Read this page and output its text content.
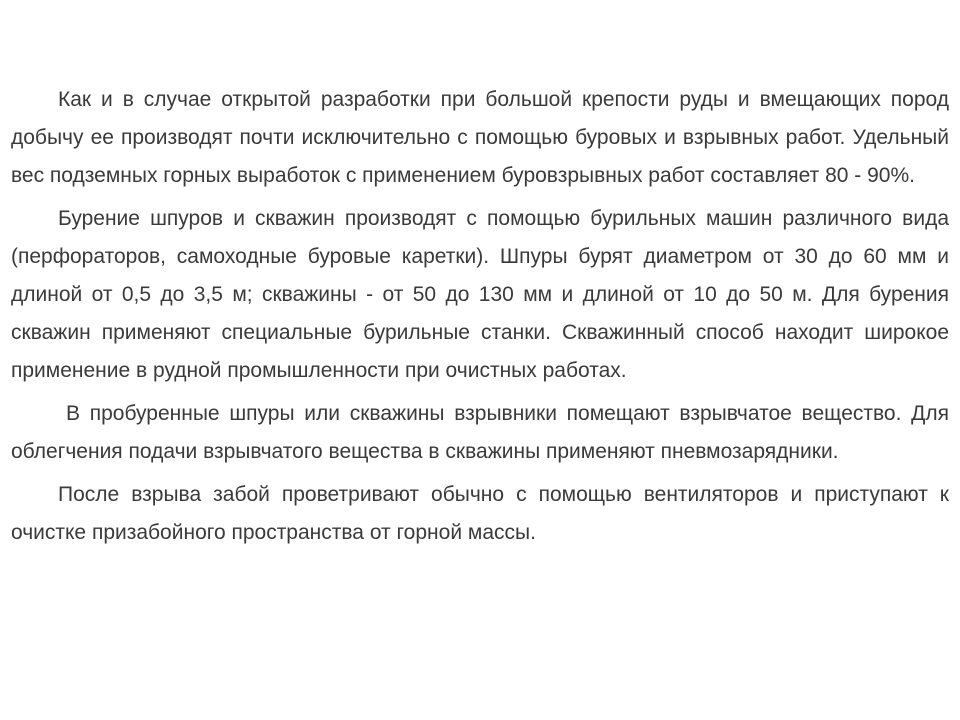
Как и в случае открытой разработки при большой крепости руды и вмещающих пород добычу ее производят почти исключительно с помощью буровых и взрывных работ. Удельный вес подземных горных выработок с применением буровзрывных работ составляет 80 - 90%.

Бурение шпуров и скважин производят с помощью бурильных машин различного вида (перфораторов, самоходные буровые каретки). Шпуры бурят диаметром от 30 до 60 мм и длиной от 0,5 до 3,5 м; скважины - от 50 до 130 мм и длиной от 10 до 50 м. Для бурения скважин применяют специальные бурильные станки. Скважинный способ находит широкое применение в рудной промышленности при очистных работах.

В пробуренные шпуры или скважины взрывники помещают взрывчатое вещество. Для облегчения подачи взрывчатого вещества в скважины применяют пневмозарядники.

После взрыва забой проветривают обычно с помощью вентиляторов и приступают к очистке призабойного пространства от горной массы.
